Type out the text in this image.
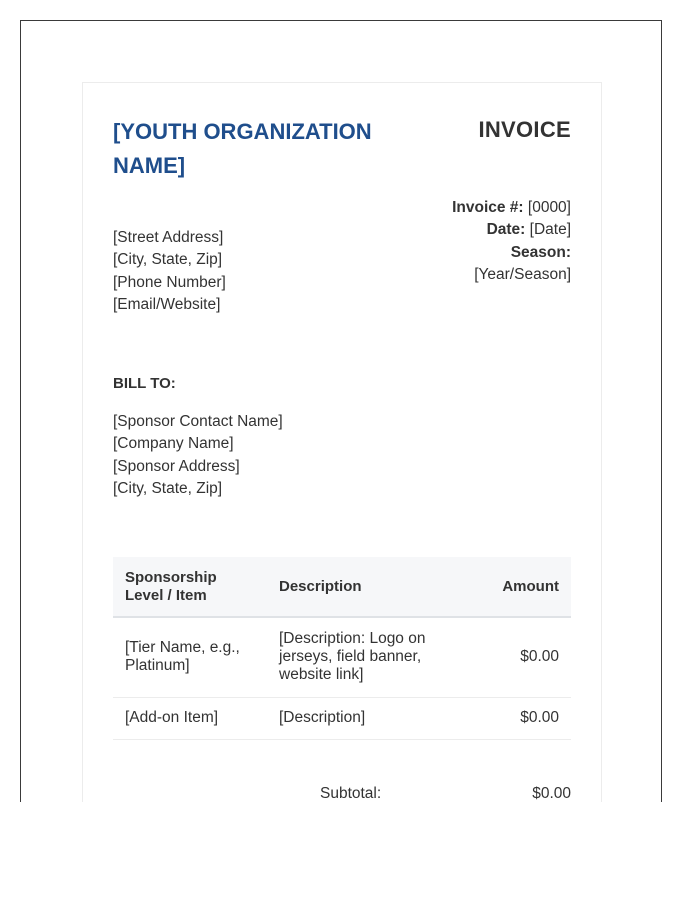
[YOUTH ORGANIZATION NAME]
[Street Address]
[City, State, Zip]
[Phone Number]
[Email/Website]
INVOICE
Invoice #: [0000]
Date: [Date]
Season:
[Year/Season]
BILL TO:
[Sponsor Contact Name]
[Company Name]
[Sponsor Address]
[City, State, Zip]
Sponsorship Level / Item	Description	Amount
[Tier Name, e.g., Platinum]	[Description: Logo on jerseys, field banner, website link]	$0.00
[Add-on Item]	[Description]	$0.00
Subtotal:	$0.00
